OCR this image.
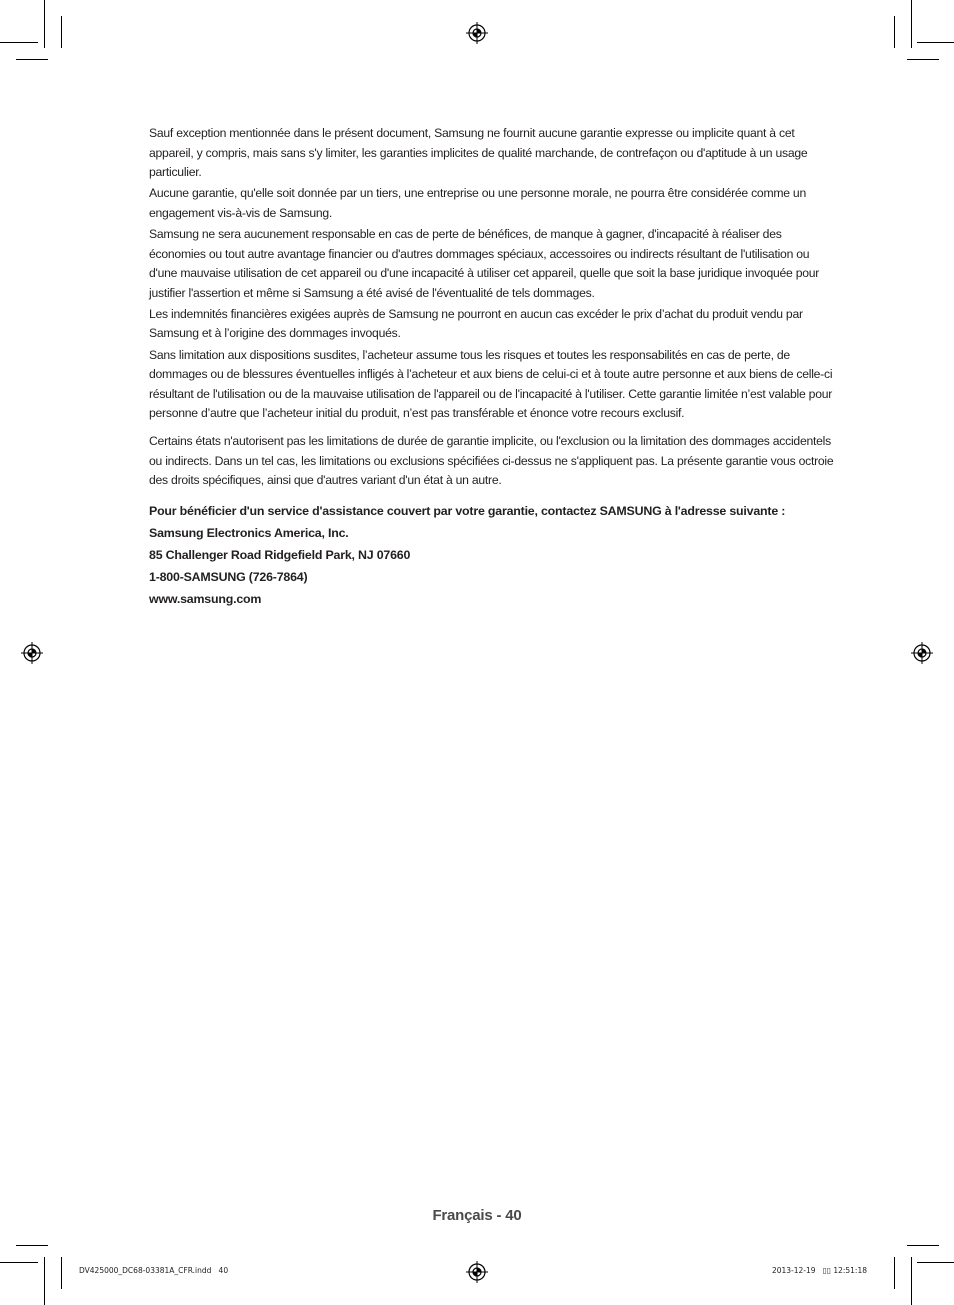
Sauf exception mentionnée dans le présent document, Samsung ne fournit aucune garantie expresse ou implicite quant à cet appareil, y compris, mais sans s'y limiter, les garanties implicites de qualité marchande, de contrefaçon ou d'aptitude à un usage particulier.

Aucune garantie, qu'elle soit donnée par un tiers, une entreprise ou une personne morale, ne pourra être considérée comme un engagement vis-à-vis de Samsung.

Samsung ne sera aucunement responsable en cas de perte de bénéfices, de manque à gagner, d'incapacité à réaliser des économies ou tout autre avantage financier ou d'autres dommages spéciaux, accessoires ou indirects résultant de l'utilisation ou d'une mauvaise utilisation de cet appareil ou d'une incapacité à utiliser cet appareil, quelle que soit la base juridique invoquée pour justifier l'assertion et même si Samsung a été avisé de l'éventualité de tels dommages.

Les indemnités financières exigées auprès de Samsung ne pourront en aucun cas excéder le prix d’achat du produit vendu par Samsung et à l’origine des dommages invoqués.

Sans limitation aux dispositions susdites, l’acheteur assume tous les risques et toutes les responsabilités en cas de perte, de dommages ou de blessures éventuelles infligés à l’acheteur et aux biens de celui-ci et à toute autre personne et aux biens de celle-ci résultant de l'utilisation ou de la mauvaise utilisation de l'appareil ou de l'incapacité à l'utiliser. Cette garantie limitée n’est valable pour personne d’autre que l’acheteur initial du produit, n’est pas transférable et énonce votre recours exclusif.

Certains états n'autorisent pas les limitations de durée de garantie implicite, ou l'exclusion ou la limitation des dommages accidentels ou indirects. Dans un tel cas, les limitations ou exclusions spécifiées ci-dessus ne s'appliquent pas. La présente garantie vous octroie des droits spécifiques, ainsi que d'autres variant d'un état à un autre.

Pour bénéficier d'un service d'assistance couvert par votre garantie, contactez SAMSUNG à l'adresse suivante :
Samsung Electronics America, Inc.
85 Challenger Road Ridgefield Park, NJ 07660
1-800-SAMSUNG (726-7864)
www.samsung.com
Français - 40
DV425000_DC68-03381A_CFR.indd   40	2013-12-19   ▯▯ 12:51:18
